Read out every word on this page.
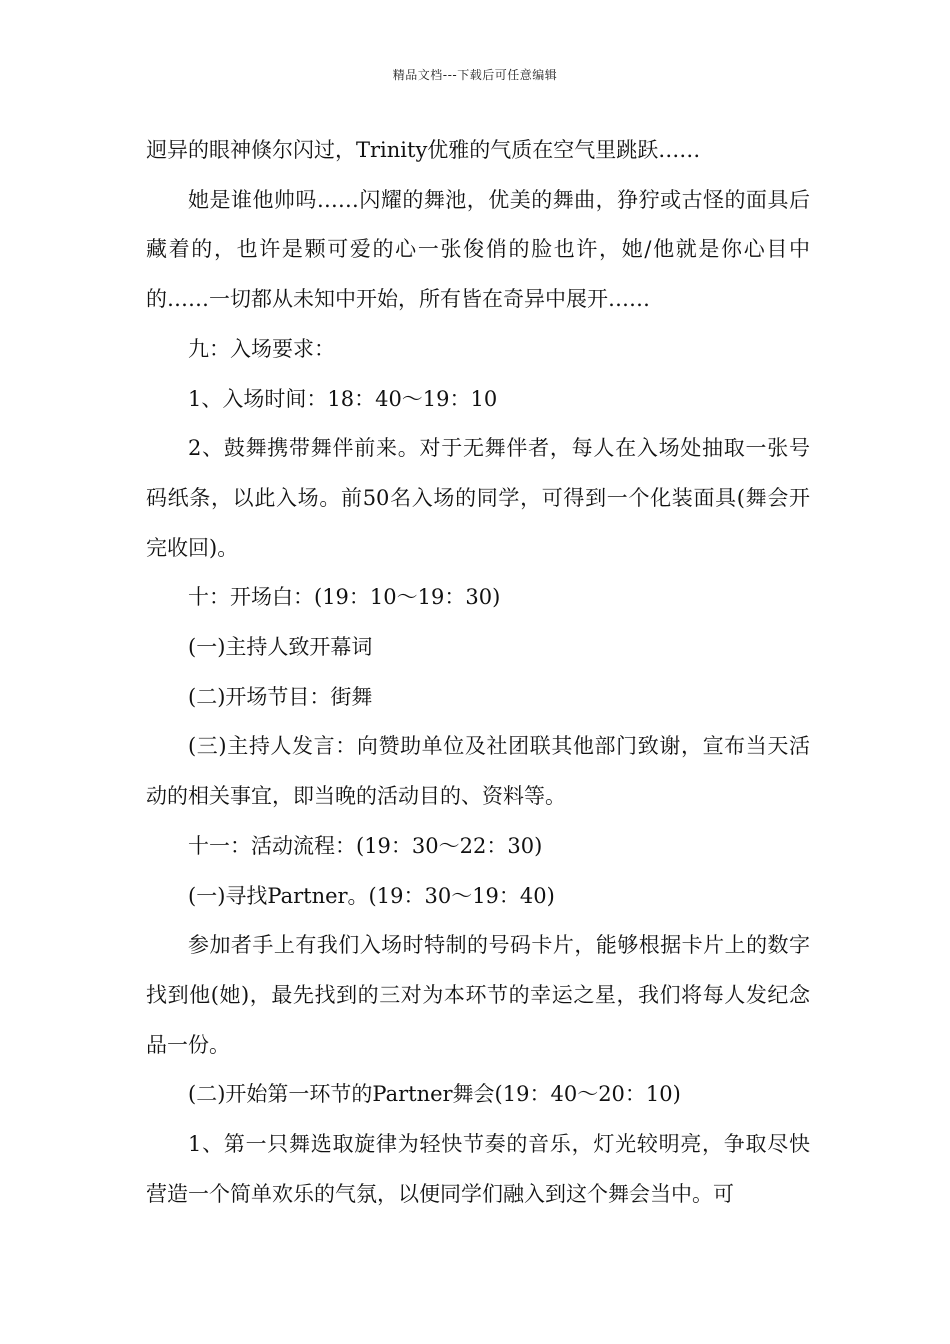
精品文档---下载后可任意编辑

迥异的眼神倏尔闪过，Trinity优雅的气质在空气里跳跃……

她是谁他帅吗……闪耀的舞池，优美的舞曲，狰狞或古怪的面具后藏着的，也许是颗可爱的心一张俊俏的脸也许，她/他就是你心目中的……一切都从未知中开始，所有皆在奇异中展开……

九：入场要求：

1、入场时间：18：40～19：10

2、鼓舞携带舞伴前来。对于无舞伴者，每人在入场处抽取一张号码纸条，以此入场。前50名入场的同学，可得到一个化装面具(舞会开完收回)。

十：开场白：(19：10～19：30)

(一)主持人致开幕词

(二)开场节目：街舞

(三)主持人发言：向赞助单位及社团联其他部门致谢，宣布当天活动的相关事宜，即当晚的活动目的、资料等。

十一：活动流程：(19：30～22：30)

(一)寻找Partner。(19：30～19：40)

参加者手上有我们入场时特制的号码卡片，能够根据卡片上的数字找到他(她)，最先找到的三对为本环节的幸运之星，我们将每人发纪念品一份。

(二)开始第一环节的Partner舞会(19：40～20：10)

1、第一只舞选取旋律为轻快节奏的音乐，灯光较明亮，争取尽快营造一个简单欢乐的气氛，以便同学们融入到这个舞会当中。可
